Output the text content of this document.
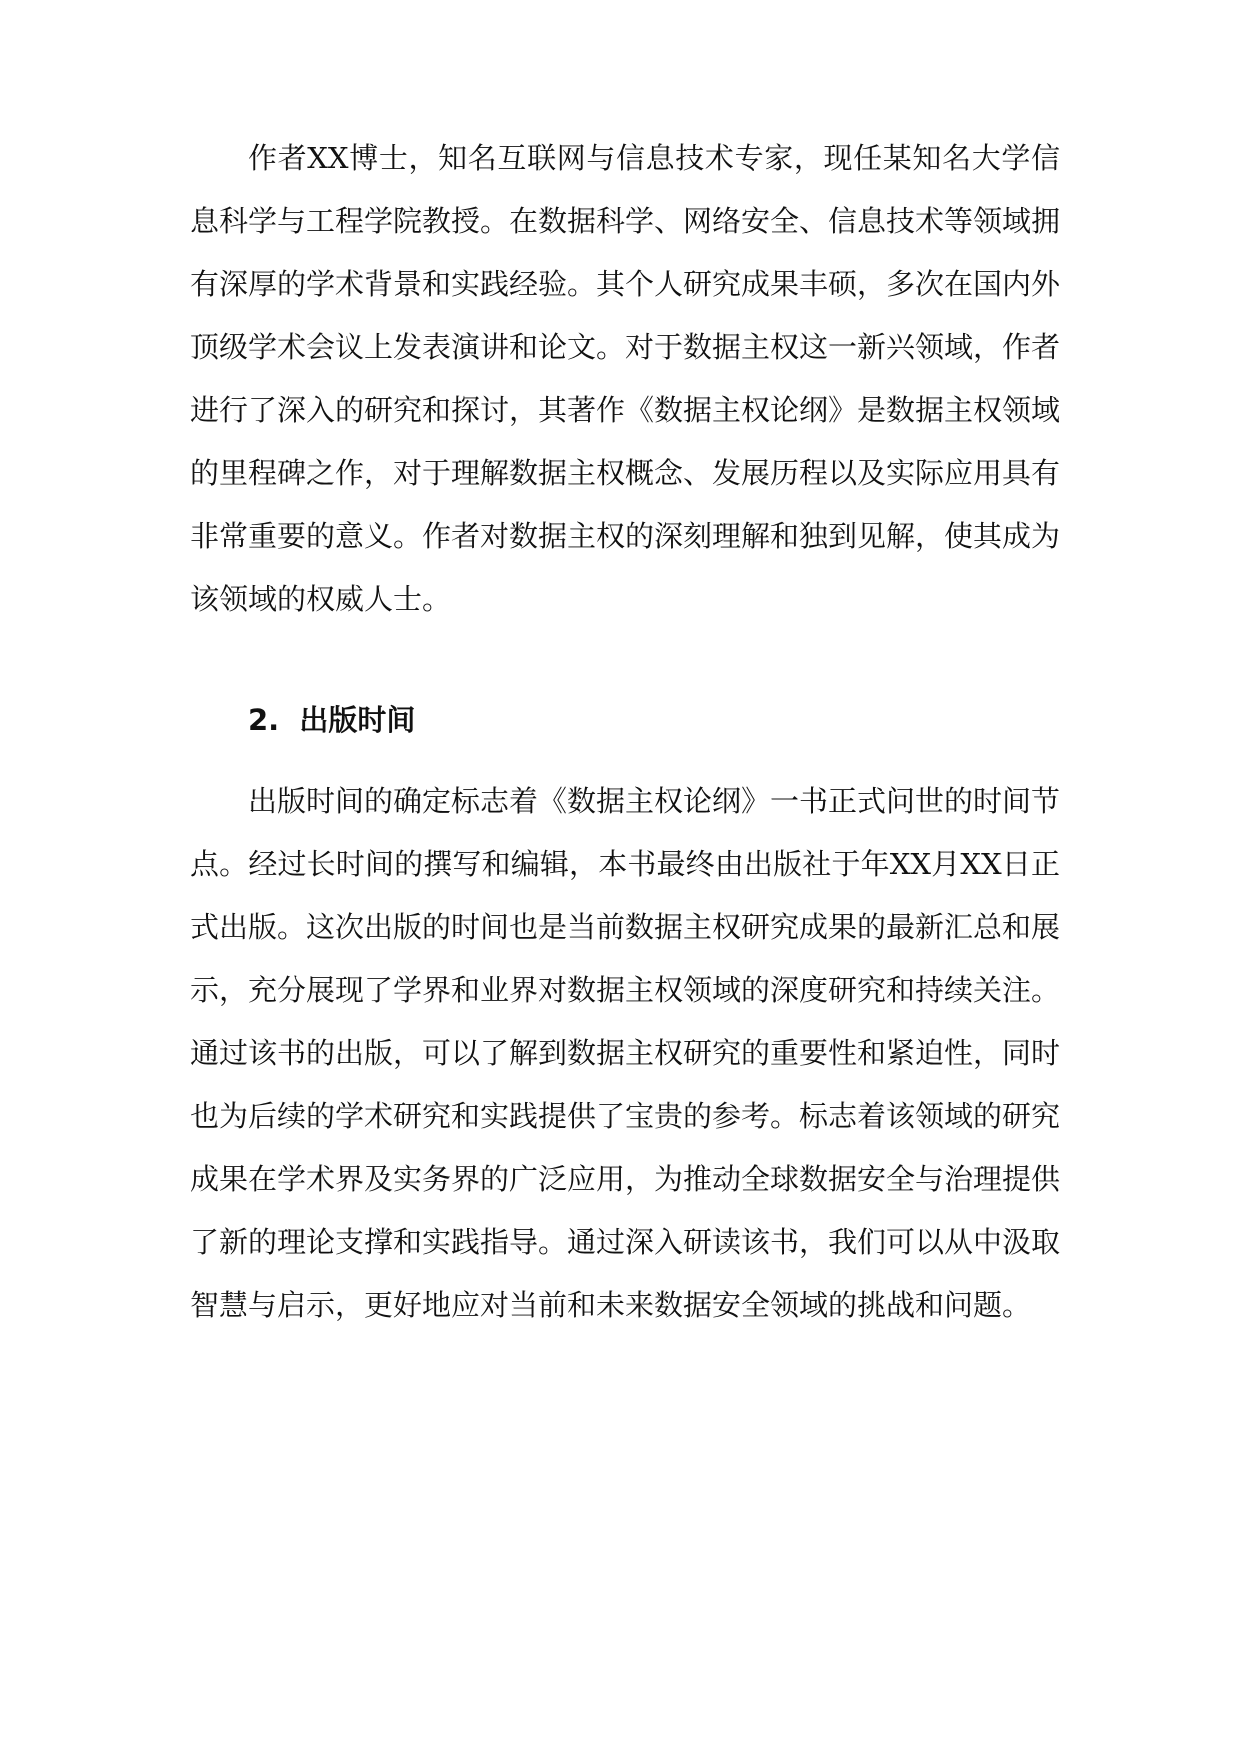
作者XX博士，知名互联网与信息技术专家，现任某知名大学信
息科学与工程学院教授。在数据科学、网络安全、信息技术等领域拥
有深厚的学术背景和实践经验。其个人研究成果丰硕，多次在国内外
顶级学术会议上发表演讲和论文。对于数据主权这一新兴领域，作者
进行了深入的研究和探讨，其著作《数据主权论纲》是数据主权领域
的里程碑之作，对于理解数据主权概念、发展历程以及实际应用具有
非常重要的意义。作者对数据主权的深刻理解和独到见解，使其成为
该领域的权威人士。
2. 出版时间
出版时间的确定标志着《数据主权论纲》一书正式问世的时间节
点。经过长时间的撰写和编辑，本书最终由出版社于年XX月XX日正
式出版。这次出版的时间也是当前数据主权研究成果的最新汇总和展
示，充分展现了学界和业界对数据主权领域的深度研究和持续关注。
通过该书的出版，可以了解到数据主权研究的重要性和紧迫性，同时
也为后续的学术研究和实践提供了宝贵的参考。标志着该领域的研究
成果在学术界及实务界的广泛应用，为推动全球数据安全与治理提供
了新的理论支撑和实践指导。通过深入研读该书，我们可以从中汲取
智慧与启示，更好地应对当前和未来数据安全领域的挑战和问题。
